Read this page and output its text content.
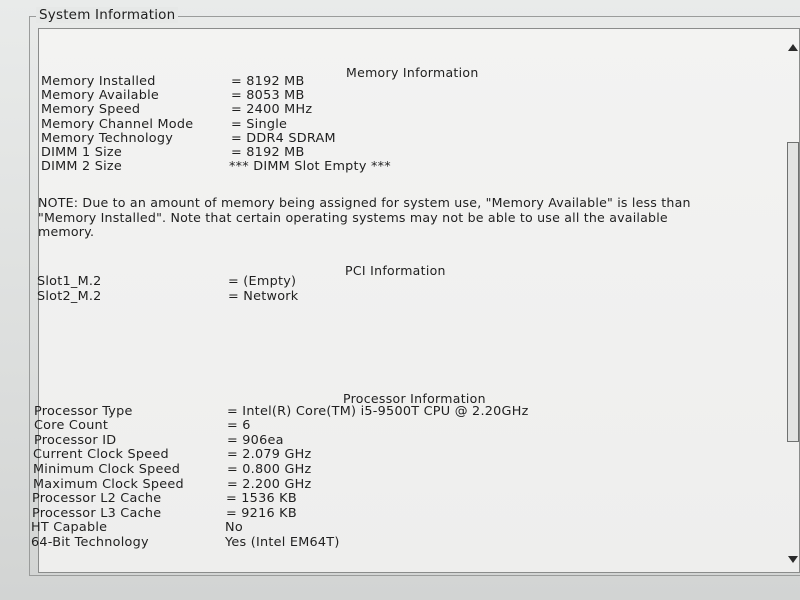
System Information
Memory Information
Memory Installed	= 8192 MB
Memory Available	= 8053 MB
Memory Speed	= 2400 MHz
Memory Channel Mode	= Single
Memory Technology	= DDR4 SDRAM
DIMM 1 Size	= 8192 MB
DIMM 2 Size	*** DIMM Slot Empty ***
NOTE: Due to an amount of memory being assigned for system use, "Memory Available" is less than "Memory Installed". Note that certain operating systems may not be able to use all the available memory.
PCI Information
Slot1_M.2	= (Empty)
Slot2_M.2	= Network
Processor Information
Processor Type	= Intel(R) Core(TM) i5-9500T CPU @ 2.20GHz
Core Count	= 6
Processor ID	= 906ea
Current Clock Speed	= 2.079 GHz
Minimum Clock Speed	= 0.800 GHz
Maximum Clock Speed	= 2.200 GHz
Processor L2 Cache	= 1536 KB
Processor L3 Cache	= 9216 KB
HT Capable	No
64-Bit Technology	Yes (Intel EM64T)
